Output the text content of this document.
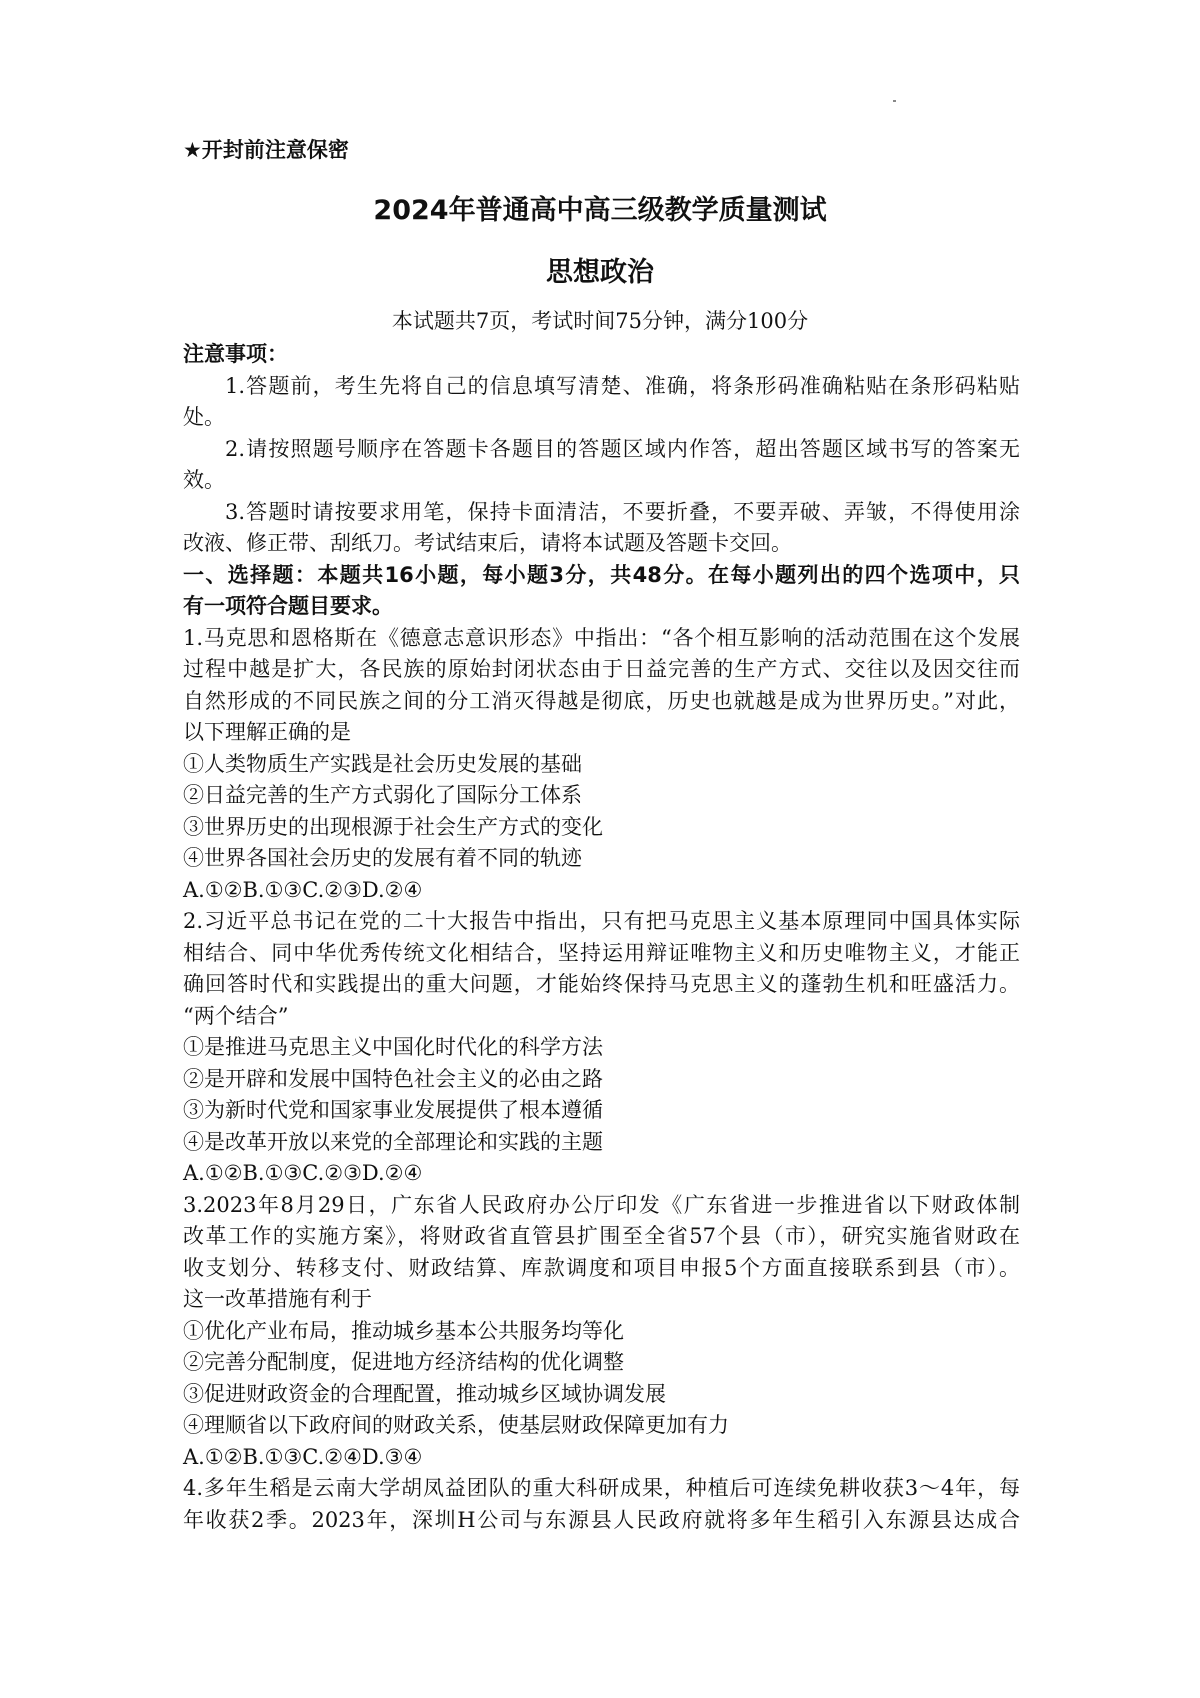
★开封前注意保密
2024年普通高中高三级教学质量测试
思想政治
本试题共7页，考试时间75分钟，满分100分
注意事项：
1.答题前，考生先将自己的信息填写清楚、准确，将条形码准确粘贴在条形码粘贴
处。
2.请按照题号顺序在答题卡各题目的答题区域内作答，超出答题区域书写的答案无
效。
3.答题时请按要求用笔，保持卡面清洁，不要折叠，不要弄破、弄皱，不得使用涂
改液、修正带、刮纸刀。考试结束后，请将本试题及答题卡交回。
一、选择题：本题共16小题，每小题3分，共48分。在每小题列出的四个选项中，只
有一项符合题目要求。
1.马克思和恩格斯在《德意志意识形态》中指出：“各个相互影响的活动范围在这个发展
过程中越是扩大，各民族的原始封闭状态由于日益完善的生产方式、交往以及因交往而
自然形成的不同民族之间的分工消灭得越是彻底，历史也就越是成为世界历史。”对此，
以下理解正确的是
①人类物质生产实践是社会历史发展的基础
②日益完善的生产方式弱化了国际分工体系
③世界历史的出现根源于社会生产方式的变化
④世界各国社会历史的发展有着不同的轨迹
A.①②B.①③C.②③D.②④
2.习近平总书记在党的二十大报告中指出，只有把马克思主义基本原理同中国具体实际
相结合、同中华优秀传统文化相结合，坚持运用辩证唯物主义和历史唯物主义，才能正
确回答时代和实践提出的重大问题，才能始终保持马克思主义的蓬勃生机和旺盛活力。
“两个结合”
①是推进马克思主义中国化时代化的科学方法
②是开辟和发展中国特色社会主义的必由之路
③为新时代党和国家事业发展提供了根本遵循
④是改革开放以来党的全部理论和实践的主题
A.①②B.①③C.②③D.②④
3.2023年8月29日，广东省人民政府办公厅印发《广东省进一步推进省以下财政体制
改革工作的实施方案》，将财政省直管县扩围至全省57个县（市），研究实施省财政在
收支划分、转移支付、财政结算、库款调度和项目申报5个方面直接联系到县（市）。
这一改革措施有利于
①优化产业布局，推动城乡基本公共服务均等化
②完善分配制度，促进地方经济结构的优化调整
③促进财政资金的合理配置，推动城乡区域协调发展
④理顺省以下政府间的财政关系，使基层财政保障更加有力
A.①②B.①③C.②④D.③④
4.多年生稻是云南大学胡凤益团队的重大科研成果，种植后可连续免耕收获3～4年，每
年收获2季。2023年，深圳H公司与东源县人民政府就将多年生稻引入东源县达成合
